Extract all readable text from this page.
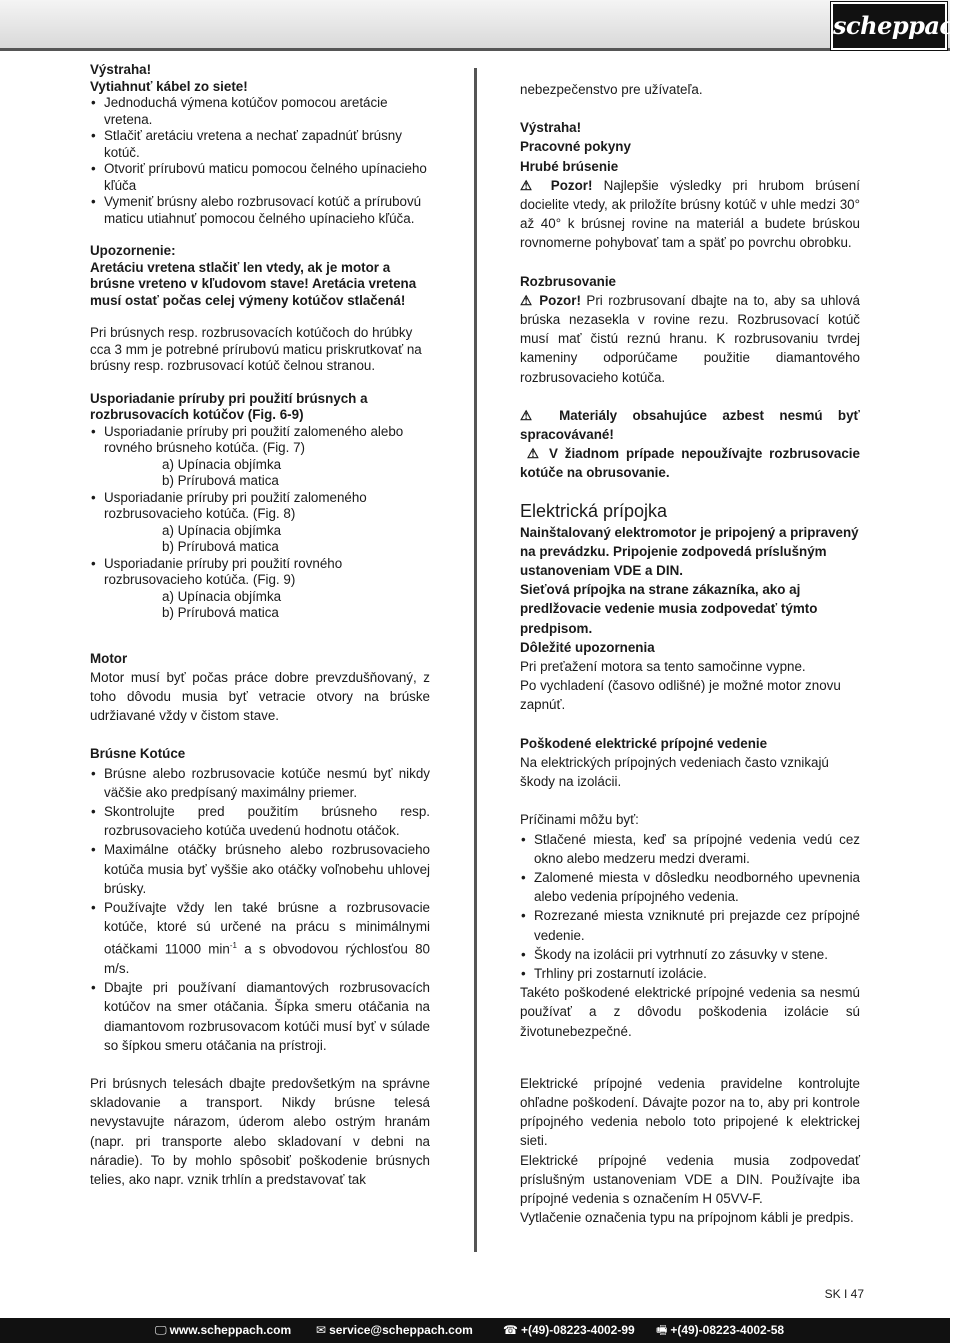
scheppach

Výstraha!

Vytiahnuť kábel zo siete!

• Jednoduchá výmena kotúčov pomocou aretácie vretena.
• Stlačiť aretáciu vretena a nechať zapadnúť brúsny kotúč.
• Otvoriť prírubovú maticu pomocou čelného upínacieho kľúča
• Vymeniť brúsny alebo rozbrusovací kotúč a prírubovú maticu utiahnuť pomocou čelného upínacieho kľúča.

Upozornenie:

Aretáciu vretena stlačiť len vtedy, ak je motor a brúsne vreteno v kľudovom stave! Aretácia vretena musí ostať počas celej výmeny kotúčov stlačená!

Pri brúsnych resp. rozbrusovacích kotúčoch do hrúbky cca 3 mm je potrebné prírubovú maticu priskrutkovať na brúsny resp. rozbrusovací kotúč čelnou stranou.

Usporiadanie príruby pri použití brúsnych a rozbrusovacích kotúčov (Fig. 6-9)

• Usporiadanie príruby pri použití zalomeného alebo rovného brúsneho kotúča. (Fig. 7)
a) Upínacia objímka
b) Prírubová matica
• Usporiadanie príruby pri použití zalomeného rozbrusovacieho kotúča. (Fig. 8)
a) Upínacia objímka
b) Prírubová matica
• Usporiadanie príruby pri použití rovného rozbrusovacieho kotúča. (Fig. 9)
a) Upínacia objímka
b) Prírubová matica

Motor

Motor musí byť počas práce dobre prevzdušňovaný, z toho dôvodu musia byť vetracie otvory na brúske udržiavané vždy v čistom stave.

Brúsne Kotúce

• Brúsne alebo rozbrusovacie kotúče nesmú byť nikdy väčšie ako predpísaný maximálny priemer.
• Skontrolujte pred použitím brúsneho resp. rozbrusovacieho kotúča uvedenú hodnotu otáčok.
• Maximálne otáčky brúsneho alebo rozbrusovacieho kotúča musia byť vyššie ako otáčky voľnobehu uhlovej brúsky.
• Používajte vždy len také brúsne a rozbrusovacie kotúče, ktoré sú určené na prácu s minimálnymi otáčkami 11000 $\min^{-1} a$ s obvodovou rýchlosťou 80 m/s.
• Dbajte pri používaní diamantových rozbrusovacích kotúčov na smer otáčania. Šípka smeru otáčania na diamantovom rozbrusovacom kotúči musí byť v súlade so šípkou smeru otáčania na prístroji.

Pri brúsnych telesách dbajte predovšetkým na správne skladovanie a transport. Nikdy brúsne telesá nevystavujte nárazom, úderom alebo ostrým hranám (napr. pri transporte alebo skladovaní v debni na náradie). To by mohlo spôsobiť poškodenie brúsnych telies, ako napr. vznik trhlín a predstavovať tak

nebezpečenstvo pre užívateľa.

Výstraha!

Pracovné pokyny

Hrubé brúsenie

⚠ Pozor! Najlepšie výsledky pri hrubom brúsení docielite vtedy, ak priložíte brúsny kotúč v uhle medzi 30° až 40° k brúsnej rovine na materiál a budete brúskou rovnomerne pohybovať tam a späť po povrchu obrobku.

Rozbrusovanie

⚠ Pozor! Pri rozbrusovaní dbajte na to, aby sa uhlová brúska nezasekla v rovine rezu. Rozbrusovací kotúč musí mať čistú reznú hranu. K rozbrusovaniu tvrdej kameniny odporúčame použitie diamantového rozbrusovacieho kotúča.

⚠ Materiály obsahujúce azbest nesmú byť spracovávané!

⚠ V žiadnom prípade nepoužívajte rozbrusovacie kotúče na obrusovanie.

Elektrická prípojka

Nainštalovaný elektromotor je pripojený a pripravený na prevádzku. Pripojenie zodpovedá príslušným ustanoveniam VDE a DIN.

Sieťová prípojka na strane zákazníka, ako aj predlžovacie vedenie musia zodpovedať týmto predpisom.

Dôležité upozornenia

Pri preťažení motora sa tento samočinne vypne.

Po vychladení (časovo odlišné) je možné motor znovu zapnúť.

Poškodené elektrické prípojné vedenie

Na elektrických prípojných vedeniach často vznikajú škody na izolácii.

Príčinami môžu byť:

• Stlačené miesta, keď sa prípojné vedenia vedú cez okno alebo medzeru medzi dverami.
• Zalomené miesta v dôsledku neodborného upevnenia alebo vedenia prípojného vedenia.
• Rozrezané miesta vzniknuté pri prejazde cez prípojné vedenie.
• Škody na izolácii pri vytrhnutí zo zásuvky v stene.
• Trhliny pri zostarnutí izolácie.

Takéto poškodené elektrické prípojné vedenia sa nesmú používať a z dôvodu poškodenia izolácie sú životunebezpečné.

Elektrické prípojné vedenia pravidelne kontrolujte ohľadne poškodení. Dávajte pozor na to, aby pri kontrole prípojného vedenia nebolo toto pripojené k elektrickej sieti.

Elektrické prípojné vedenia musia zodpovedať príslušným ustanoveniam VDE a DIN. Používajte iba prípojné vedenia s označením H 05VV-F.

Vytlačenie označenia typu na prípojnom kábli je predpis.

SK I 47
🖵 www.scheppach.com ✉ service@scheppach.com	☎ +(49)-08223-4002-99 🖷 +(49)-08223-4002-58
